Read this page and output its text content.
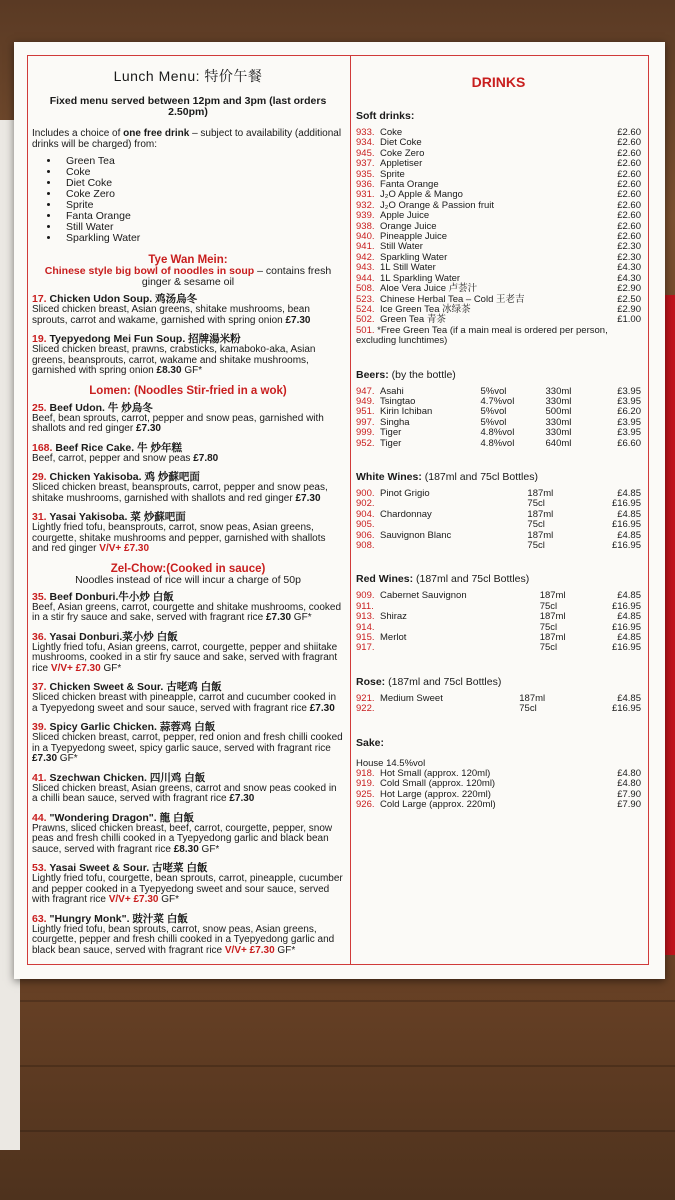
Lunch Menu: 特价午餐

Fixed menu served between 12pm and 3pm (last orders 2.50pm)

Includes a choice of one free drink – subject to availability (additional drinks will be charged) from:

• Green Tea
• Coke
• Diet Coke
• Coke Zero
• Sprite
• Fanta Orange
• Still Water
• Sparkling Water
Tye Wan Mein:
Chinese style big bowl of noodles in soup – contains fresh ginger & sesame oil
17. Chicken Udon Soup. 鸡汤烏冬
Sliced chicken breast, Asian greens, shitake mushrooms, bean sprouts, carrot and wakame, garnished with spring onion £7.30
19. Tyepyedong Mei Fun Soup. 招牌湯米粉
Sliced chicken breast, prawns, crabsticks, kamaboko-aka, Asian greens, beansprouts, carrot, wakame and shitake mushrooms, garnished with spring onion £8.30 GF*
Lomen: (Noodles Stir-fried in a wok)
25. Beef Udon. 牛 炒烏冬
Beef, bean sprouts, carrot, pepper and snow peas, garnished with shallots and red ginger £7.30
168. Beef Rice Cake. 牛 炒年糕
Beef, carrot, pepper and snow peas £7.80
29. Chicken Yakisoba. 鸡 炒蘇吧面
Sliced chicken breast, beansprouts, carrot, pepper and snow peas, shitake mushrooms, garnished with shallots and red ginger £7.30
31. Yasai Yakisoba. 菜 炒蘇吧面
Lightly fried tofu, beansprouts, carrot, snow peas, Asian greens, courgette, shitake mushrooms and pepper, garnished with shallots and red ginger V/V+ £7.30
Zel-Chow:(Cooked in sauce)
Noodles instead of rice will incur a charge of 50p
35. Beef Donburi.牛小炒 白飯
Beef, Asian greens, carrot, courgette and shitake mushrooms, cooked in a stir fry sauce and sake, served with fragrant rice £7.30 GF*
36. Yasai Donburi.菜小炒 白飯
Lightly fried tofu, Asian greens, carrot, courgette, pepper and shiitake mushrooms, cooked in a stir fry sauce and sake, served with fragrant rice V/V+ £7.30 GF*
37. Chicken Sweet & Sour. 古咾鸡 白飯
Sliced chicken breast with pineapple, carrot and cucumber cooked in a Tyepyedong sweet and sour sauce, served with fragrant rice £7.30
39. Spicy Garlic Chicken. 蒜蓉鸡 白飯
Sliced chicken breast, carrot, pepper, red onion and fresh chilli cooked in a Tyepyedong sweet, spicy garlic sauce, served with fragrant rice £7.30 GF*
41. Szechwan Chicken. 四川鸡 白飯
Sliced chicken breast, Asian greens, carrot and snow peas cooked in a chilli bean sauce, served with fragrant rice £7.30
44. "Wondering Dragon". 龍 白飯
Prawns, sliced chicken breast, beef, carrot, courgette, pepper, snow peas and fresh chilli cooked in a Tyepyedong garlic and black bean sauce, served with fragrant rice £8.30 GF*
53. Yasai Sweet & Sour. 古咾菜 白飯
Lightly fried tofu, courgette, bean sprouts, carrot, pineapple, cucumber and pepper cooked in a Tyepyedong sweet and sour sauce, served with fragrant rice V/V+ £7.30 GF*
63. "Hungry Monk". 豉汁菜 白飯
Lightly fried tofu, bean sprouts, carrot, snow peas, Asian greens, courgette, pepper and fresh chilli cooked in a Tyepyedong garlic and black bean sauce, served with fragrant rice V/V+ £7.30 GF*
DRINKS
Soft drinks:
933.	Coke	£2.60
934.	Diet Coke	£2.60
945.	Coke Zero	£2.60
937.	Appletiser	£2.60
935.	Sprite	£2.60
936.	Fanta Orange	£2.60
931.	J₂O Apple & Mango	£2.60
932.	J₂O Orange & Passion fruit	£2.60
939.	Apple Juice	£2.60
938.	Orange Juice	£2.60
940.	Pineapple Juice	£2.60
941.	Still Water	£2.30
942.	Sparkling Water	£2.30
943.	1L Still Water	£4.30
944.	1L Sparkling Water	£4.30
508.	Aloe Vera Juice 卢荟汁	£2.90
523.	Chinese Herbal Tea – Cold 王老吉	£2.50
524.	Ice Green Tea 冰绿茶	£2.90
502.	Green Tea 青茶	£1.00
501. *Free Green Tea (if a main meal is ordered per person, excluding lunchtimes)
Beers: (by the bottle)
947.	Asahi	5%vol	330ml	£3.95
949.	Tsingtao	4.7%vol	330ml	£3.95
951.	Kirin Ichiban	5%vol	500ml	£6.20
997.	Singha	5%vol	330ml	£3.95
999.	Tiger	4.8%vol	330ml	£3.95
952.	Tiger	4.8%vol	640ml	£6.60
White Wines: (187ml and 75cl Bottles)
900.	Pinot Grigio	187ml	£4.85
902.		75cl	£16.95
904.	Chardonnay	187ml	£4.85
905.		75cl	£16.95
906.	Sauvignon Blanc	187ml	£4.85
908.		75cl	£16.95
Red Wines: (187ml and 75cl Bottles)
909.	Cabernet Sauvignon	187ml	£4.85
911.		75cl	£16.95
913.	Shiraz	187ml	£4.85
914.		75cl	£16.95
915.	Merlot	187ml	£4.85
917.		75cl	£16.95
Rose: (187ml and 75cl Bottles)
921.	Medium Sweet	187ml	£4.85
922.		75cl	£16.95
Sake:
House 14.5%vol
918.	Hot Small (approx. 120ml)	£4.80
919.	Cold Small (approx. 120ml)	£4.80
925.	Hot Large (approx. 220ml)	£7.90
926.	Cold Large (approx. 220ml)	£7.90
